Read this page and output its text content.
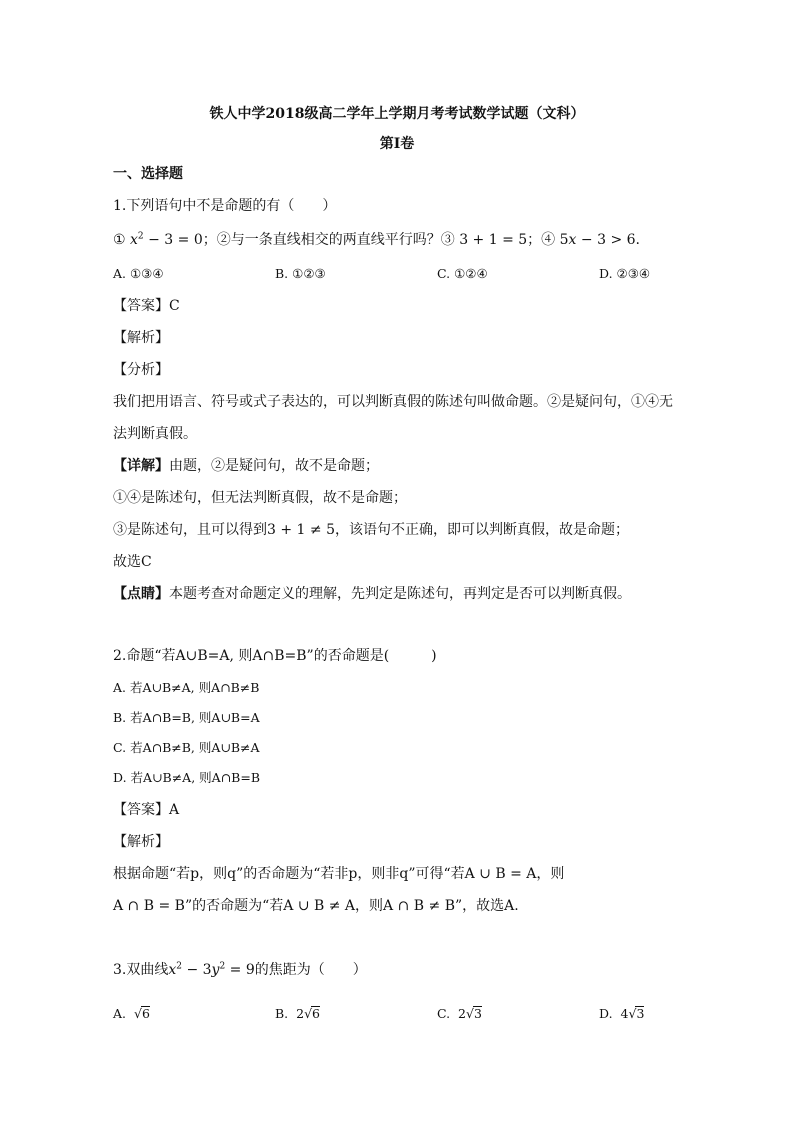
铁人中学2018级高二学年上学期月考考试数学试题（文科）
第Ⅰ卷
一、选择题
1.下列语句中不是命题的有（　　）
① $x^2 - 3 = 0$；②与一条直线相交的两直线平行吗？③ 3 + 1 = 5；④ 5x − 3 > 6.
A. ①③④	B. ①②③	C. ①②④	D. ②③④
【答案】C
【解析】
【分析】
我们把用语言、符号或式子表达的，可以判断真假的陈述句叫做命题。②是疑问句，①④无
法判断真假。
【详解】由题，②是疑问句，故不是命题；
①④是陈述句，但无法判断真假，故不是命题；
③是陈述句，且可以得到3 + 1 ≠ 5，该语句不正确，即可以判断真假，故是命题；
故选C
【点睛】本题考查对命题定义的理解，先判定是陈述句，再判定是否可以判断真假。
2.命题“若A∪B=A, 则A∩B=B”的否命题是(　　　)
A. 若A∪B≠A, 则A∩B≠B
B. 若A∩B=B, 则A∪B=A
C. 若A∩B≠B, 则A∪B≠A
D. 若A∪B≠A, 则A∩B=B
【答案】A
【解析】
根据命题“若p，则q”的否命题为“若非p，则非q”可得“若A ∪ B = A，则
A ∩ B = B”的否命题为“若A ∪ B ≠ A，则A ∩ B ≠ B”，故选A.
3.双曲线$x^2 - 3y^2 = 9$的焦距为（　　）
A. √6	B. 2√6	C. 2√3	D. 4√3
